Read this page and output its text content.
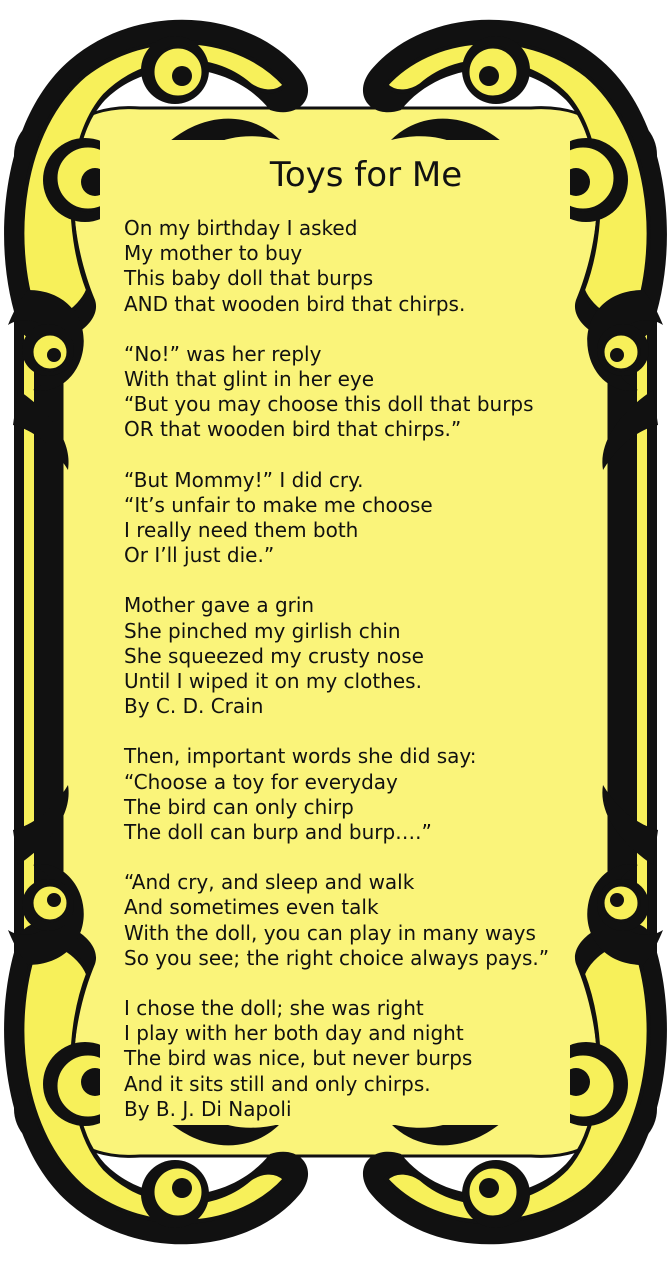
Toys for Me
On my birthday I asked
My mother to buy
This baby doll that burps
AND that wooden bird that chirps.
“No!” was her reply
With that glint in her eye
“But you may choose this doll that burps
OR that wooden bird that chirps.”
“But Mommy!” I did cry.
“It’s unfair to make me choose
I really need them both
Or I’ll just die.”
Mother gave a grin
She pinched my girlish chin
She squeezed my crusty nose
Until I wiped it on my clothes.
By C. D. Crain
Then, important words she did say:
“Choose a toy for everyday
The bird can only chirp
The doll can burp and burp….”
“And cry, and sleep and walk
And sometimes even talk
With the doll, you can play in many ways
So you see; the right choice always pays.”
I chose the doll; she was right
I play with her both day and night
The bird was nice, but never burps
And it sits still and only chirps.
By B. J. Di Napoli
